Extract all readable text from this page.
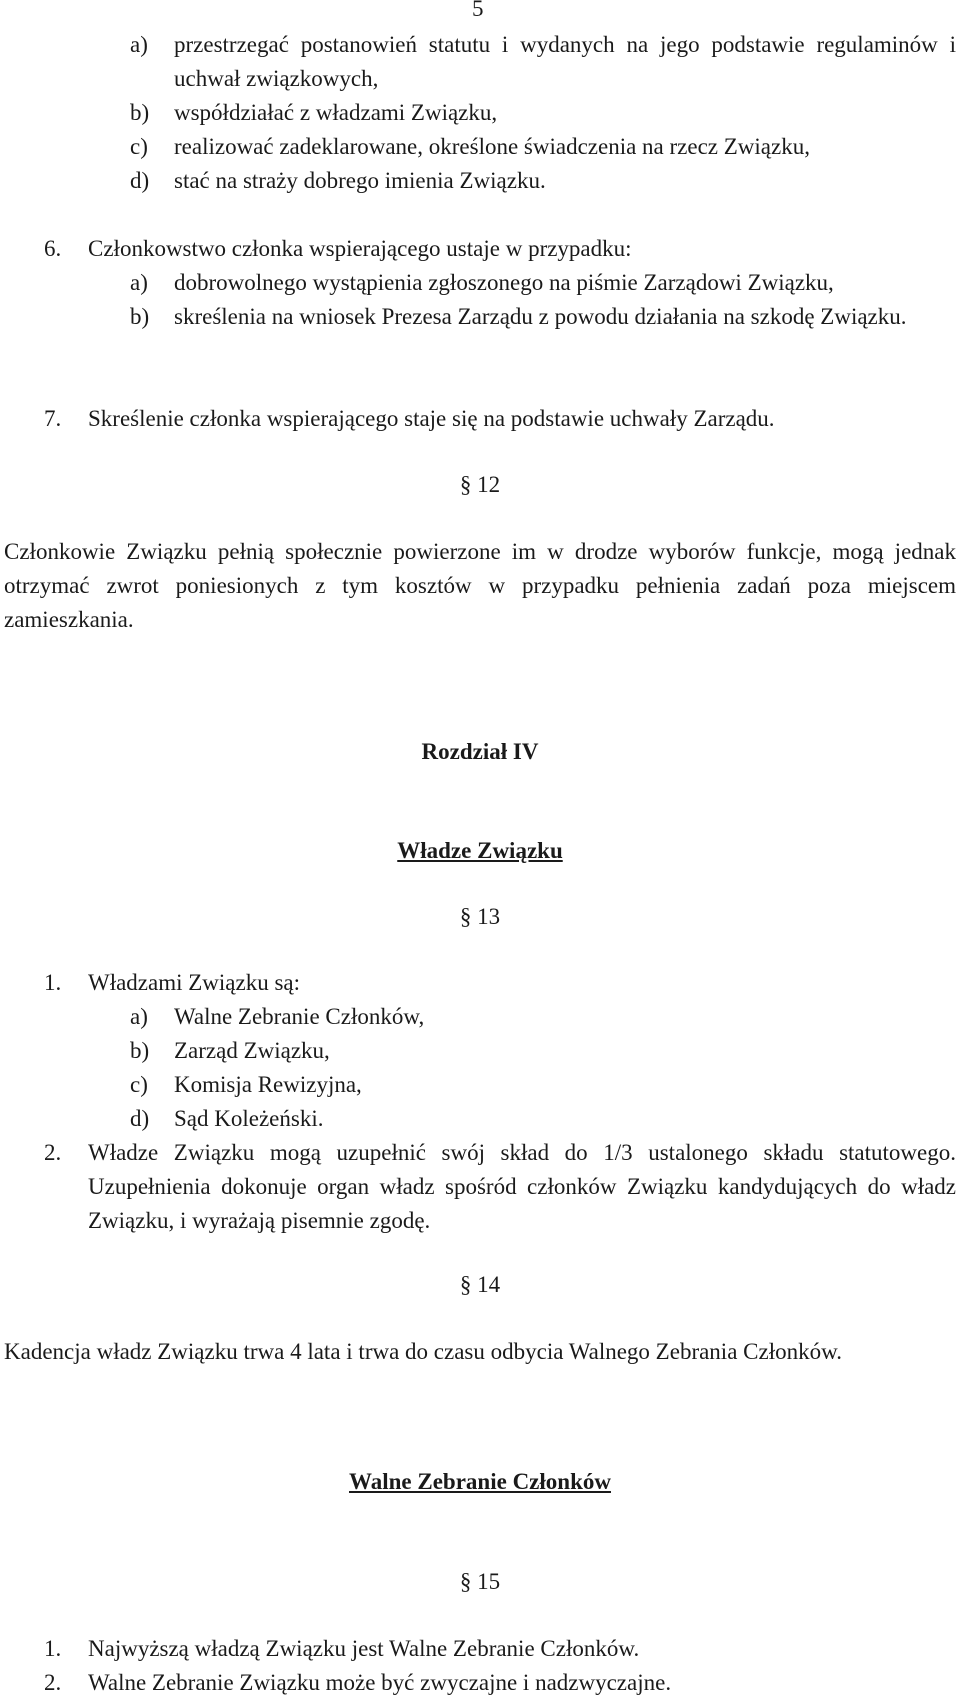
5
a)	przestrzegać postanowień statutu i wydanych na jego podstawie regulaminów i uchwał związkowych,
b)	współdziałać z władzami Związku,
c)	realizować zadeklarowane, określone świadczenia na rzecz Związku,
d)	stać na straży dobrego imienia Związku.
6.	Członkowstwo członka wspierającego ustaje w przypadku:
a)	dobrowolnego wystąpienia zgłoszonego na piśmie Zarządowi Związku,
b)	skreślenia na wniosek Prezesa Zarządu z powodu działania na szkodę Związku.
7.	Skreślenie członka wspierającego staje się na podstawie uchwały Zarządu.
§ 12
Członkowie Związku pełnią społecznie powierzone im w drodze wyborów funkcje, mogą jednak otrzymać zwrot poniesionych z tym kosztów w przypadku pełnienia zadań poza miejscem zamieszkania.
Rozdział IV
Władze Związku
§ 13
1.	Władzami Związku są:
a)	Walne Zebranie Członków,
b)	Zarząd Związku,
c)	Komisja Rewizyjna,
d)	Sąd Koleżeński.
2.	Władze Związku mogą uzupełnić swój skład do 1/3 ustalonego składu statutowego. Uzupełnienia dokonuje organ władz spośród członków Związku kandydujących do władz Związku, i wyrażają pisemnie zgodę.
§ 14
Kadencja władz Związku trwa 4 lata i trwa do czasu odbycia Walnego Zebrania Członków.
Walne Zebranie Członków
§ 15
1.	Najwyższą władzą Związku jest Walne Zebranie Członków.
2.	Walne Zebranie Związku może być zwyczajne i nadzwyczajne.
